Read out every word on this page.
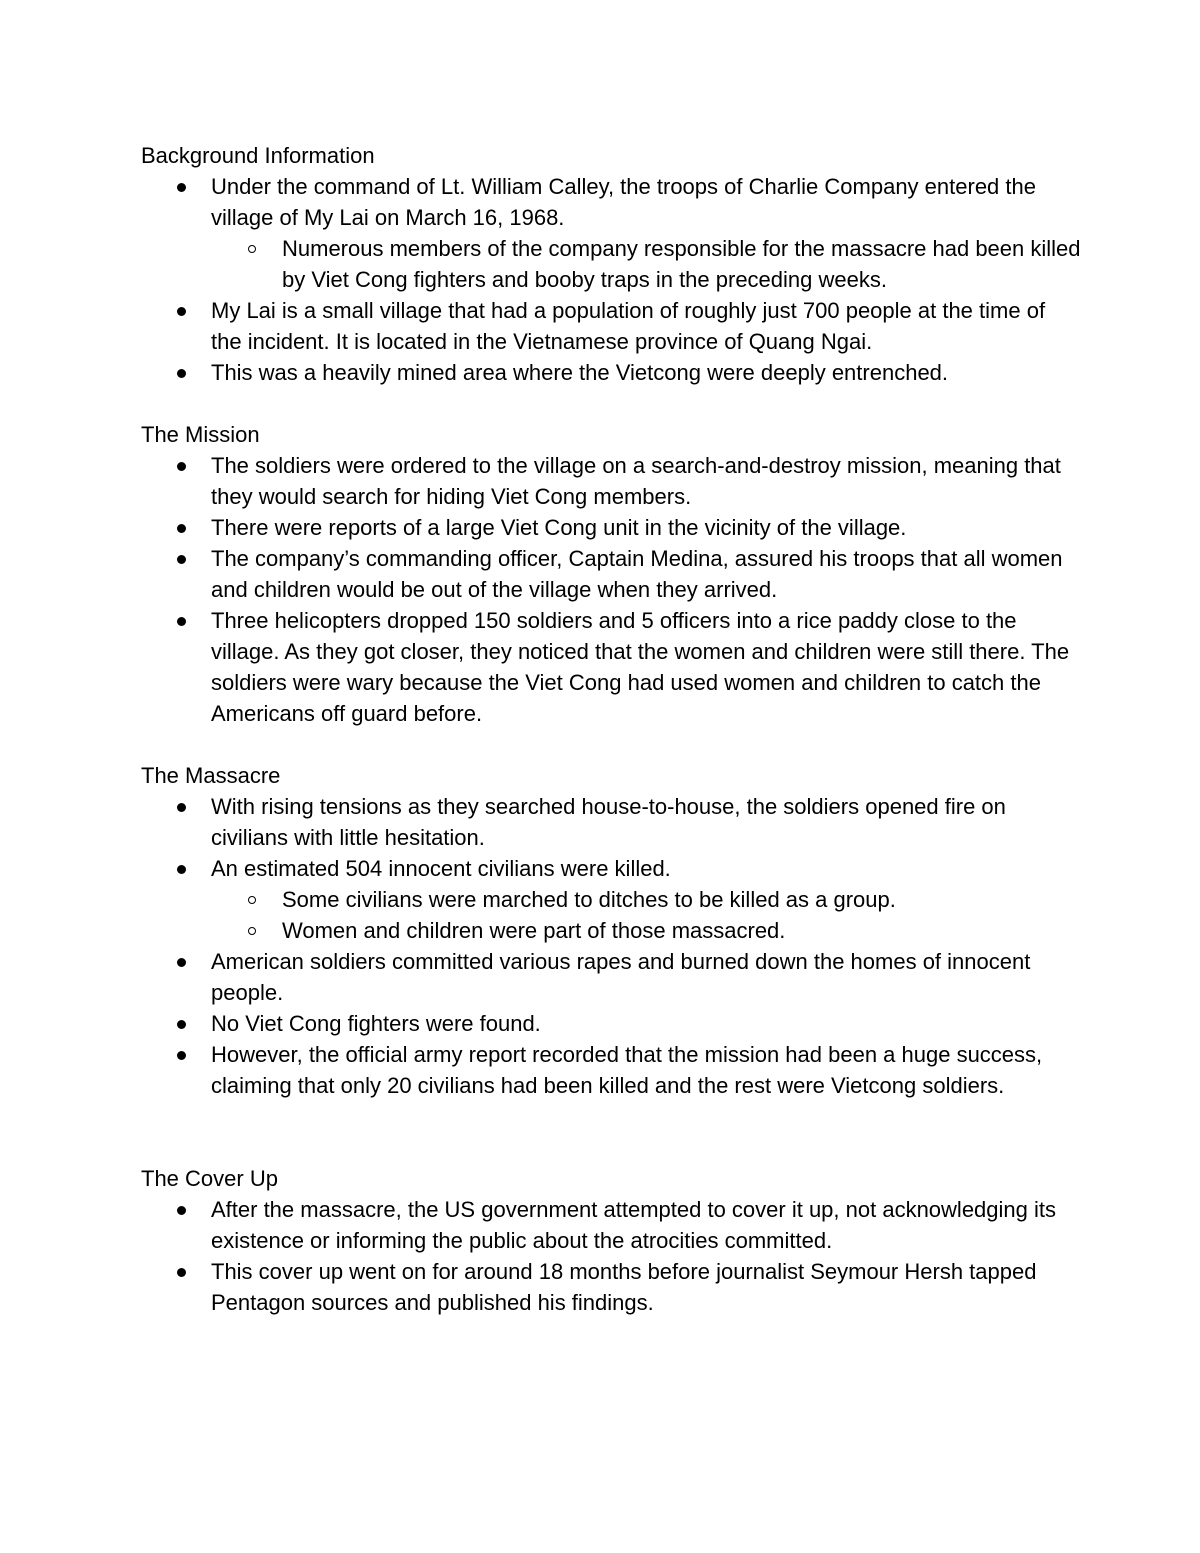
Background Information

Under the command of Lt. William Calley, the troops of Charlie Company entered the village of My Lai on March 16, 1968.
Numerous members of the company responsible for the massacre had been killed by Viet Cong fighters and booby traps in the preceding weeks.
My Lai is a small village that had a population of roughly just 700 people at the time of the incident. It is located in the Vietnamese province of Quang Ngai.
This was a heavily mined area where the Vietcong were deeply entrenched.

The Mission

The soldiers were ordered to the village on a search-and-destroy mission, meaning that they would search for hiding Viet Cong members.
There were reports of a large Viet Cong unit in the vicinity of the village.
The company’s commanding officer, Captain Medina, assured his troops that all women and children would be out of the village when they arrived.
Three helicopters dropped 150 soldiers and 5 officers into a rice paddy close to the village. As they got closer, they noticed that the women and children were still there. The soldiers were wary because the Viet Cong had used women and children to catch the Americans off guard before.

The Massacre

With rising tensions as they searched house-to-house, the soldiers opened fire on civilians with little hesitation.
An estimated 504 innocent civilians were killed.
Some civilians were marched to ditches to be killed as a group.
Women and children were part of those massacred.
American soldiers committed various rapes and burned down the homes of innocent people.
No Viet Cong fighters were found.
However, the official army report recorded that the mission had been a huge success, claiming that only 20 civilians had been killed and the rest were Vietcong soldiers.

The Cover Up

After the massacre, the US government attempted to cover it up, not acknowledging its existence or informing the public about the atrocities committed.
This cover up went on for around 18 months before journalist Seymour Hersh tapped Pentagon sources and published his findings.
